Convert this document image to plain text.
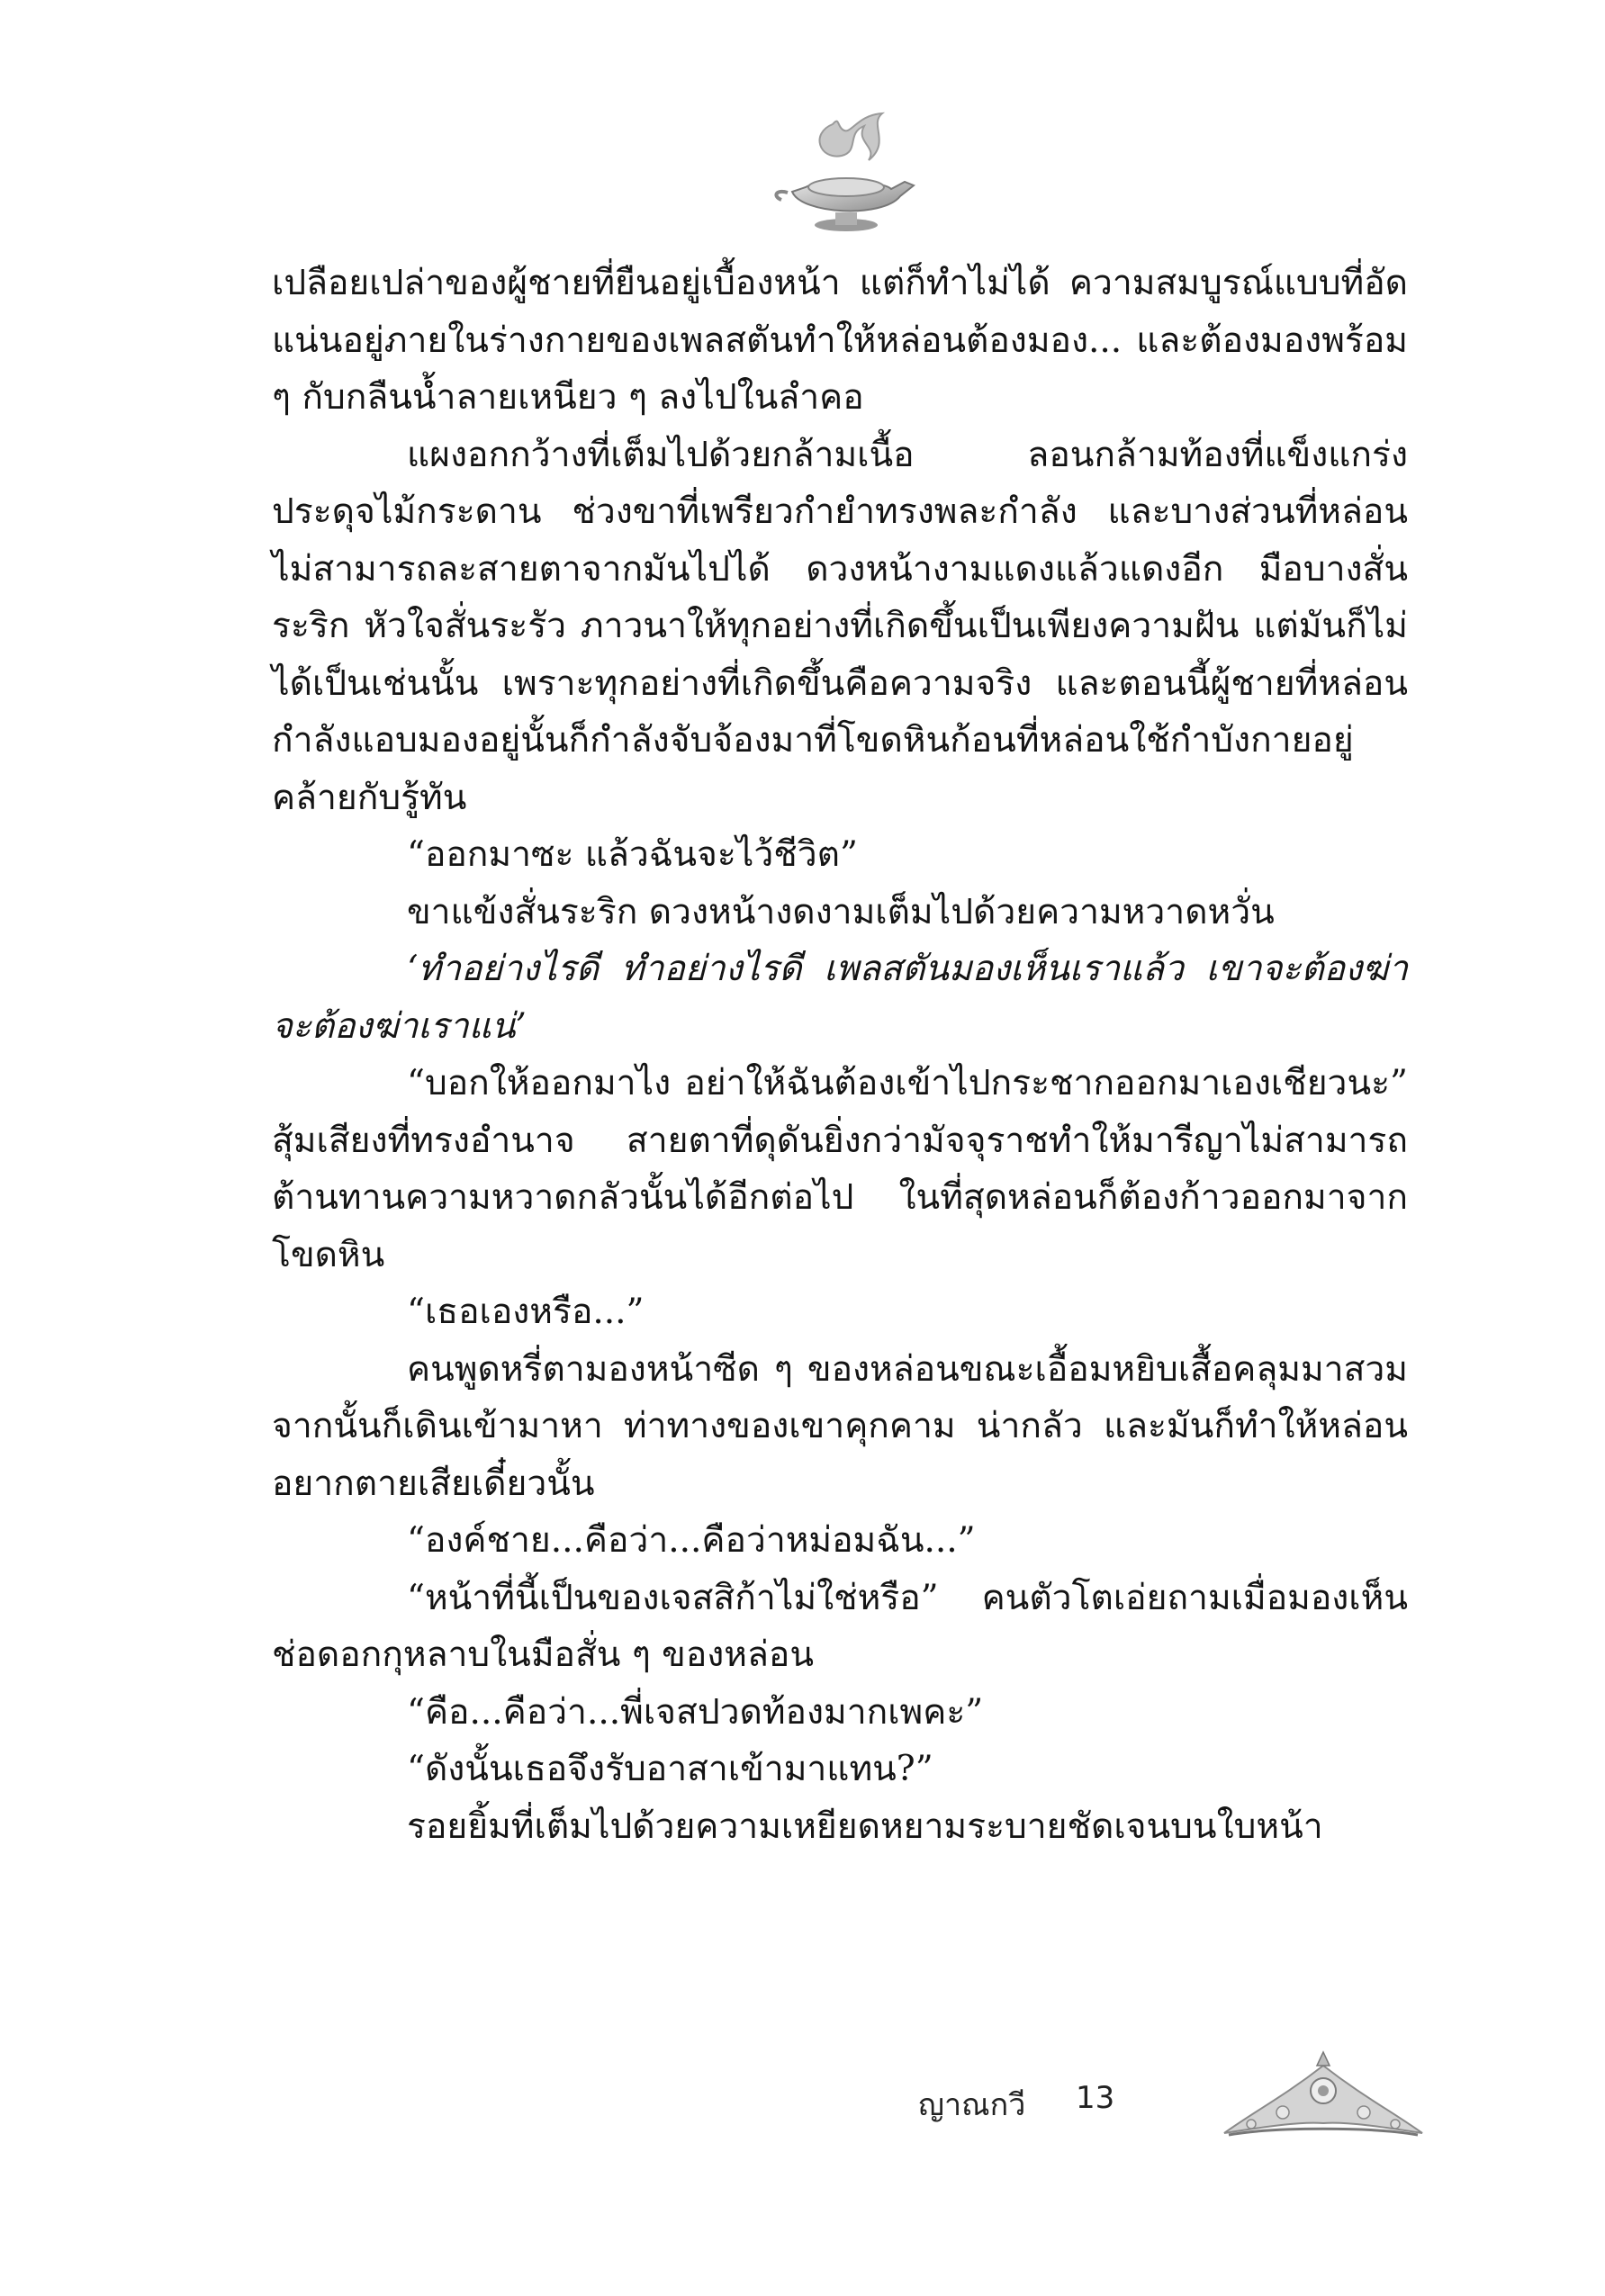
เปลือยเปล่าของผู้ชายที่ยืนอยู่เบื้องหน้า แต่ก็ทำไม่ได้ ความสมบูรณ์แบบที่อัดแน่นอยู่ภายในร่างกายของเพลสตันทำให้หล่อนต้องมอง... และต้องมองพร้อม ๆ กับกลืนน้ำลายเหนียว ๆ ลงไปในลำคอ

แผงอกกว้างที่เต็มไปด้วยกล้ามเนื้อ ลอนกล้ามท้องที่แข็งแกร่งประดุจไม้กระดาน ช่วงขาที่เพรียวกำยำทรงพละกำลัง และบางส่วนที่หล่อนไม่สามารถละสายตาจากมันไปได้ ดวงหน้างามแดงแล้วแดงอีก มือบางสั่นระริก หัวใจสั่นระรัว ภาวนาให้ทุกอย่างที่เกิดขึ้นเป็นเพียงความฝัน แต่มันก็ไม่ได้เป็นเช่นนั้น เพราะทุกอย่างที่เกิดขึ้นคือความจริง และตอนนี้ผู้ชายที่หล่อนกำลังแอบมองอยู่นั้นก็กำลังจับจ้องมาที่โขดหินก้อนที่หล่อนใช้กำบังกายอยู่คล้ายกับรู้ทัน

“ออกมาซะ แล้วฉันจะไว้ชีวิต”

ขาแข้งสั่นระริก ดวงหน้างดงามเต็มไปด้วยความหวาดหวั่น

‘ทำอย่างไรดี ทำอย่างไรดี เพลสตันมองเห็นเราแล้ว เขาจะต้องฆ่า จะต้องฆ่าเราแน่’

“บอกให้ออกมาไง อย่าให้ฉันต้องเข้าไปกระชากออกมาเองเชียวนะ” สุ้มเสียงที่ทรงอำนาจ สายตาที่ดุดันยิ่งกว่ามัจจุราชทำให้มารีญาไม่สามารถต้านทานความหวาดกลัวนั้นได้อีกต่อไป ในที่สุดหล่อนก็ต้องก้าวออกมาจากโขดหิน

“เธอเองหรือ...”

คนพูดหรี่ตามองหน้าซีด ๆ ของหล่อนขณะเอื้อมหยิบเสื้อคลุมมาสวม จากนั้นก็เดินเข้ามาหา ท่าทางของเขาคุกคาม น่ากลัว และมันก็ทำให้หล่อนอยากตายเสียเดี๋ยวนั้น

“องค์ชาย...คือว่า...คือว่าหม่อมฉัน...”

“หน้าที่นี้เป็นของเจสสิก้าไม่ใช่หรือ” คนตัวโตเอ่ยถามเมื่อมองเห็นช่อดอกกุหลาบในมือสั่น ๆ ของหล่อน

“คือ...คือว่า...พี่เจสปวดท้องมากเพคะ”

“ดังนั้นเธอจึงรับอาสาเข้ามาแทน?”

รอยยิ้มที่เต็มไปด้วยความเหยียดหยามระบายชัดเจนบนใบหน้า

ญาณกวี 13
